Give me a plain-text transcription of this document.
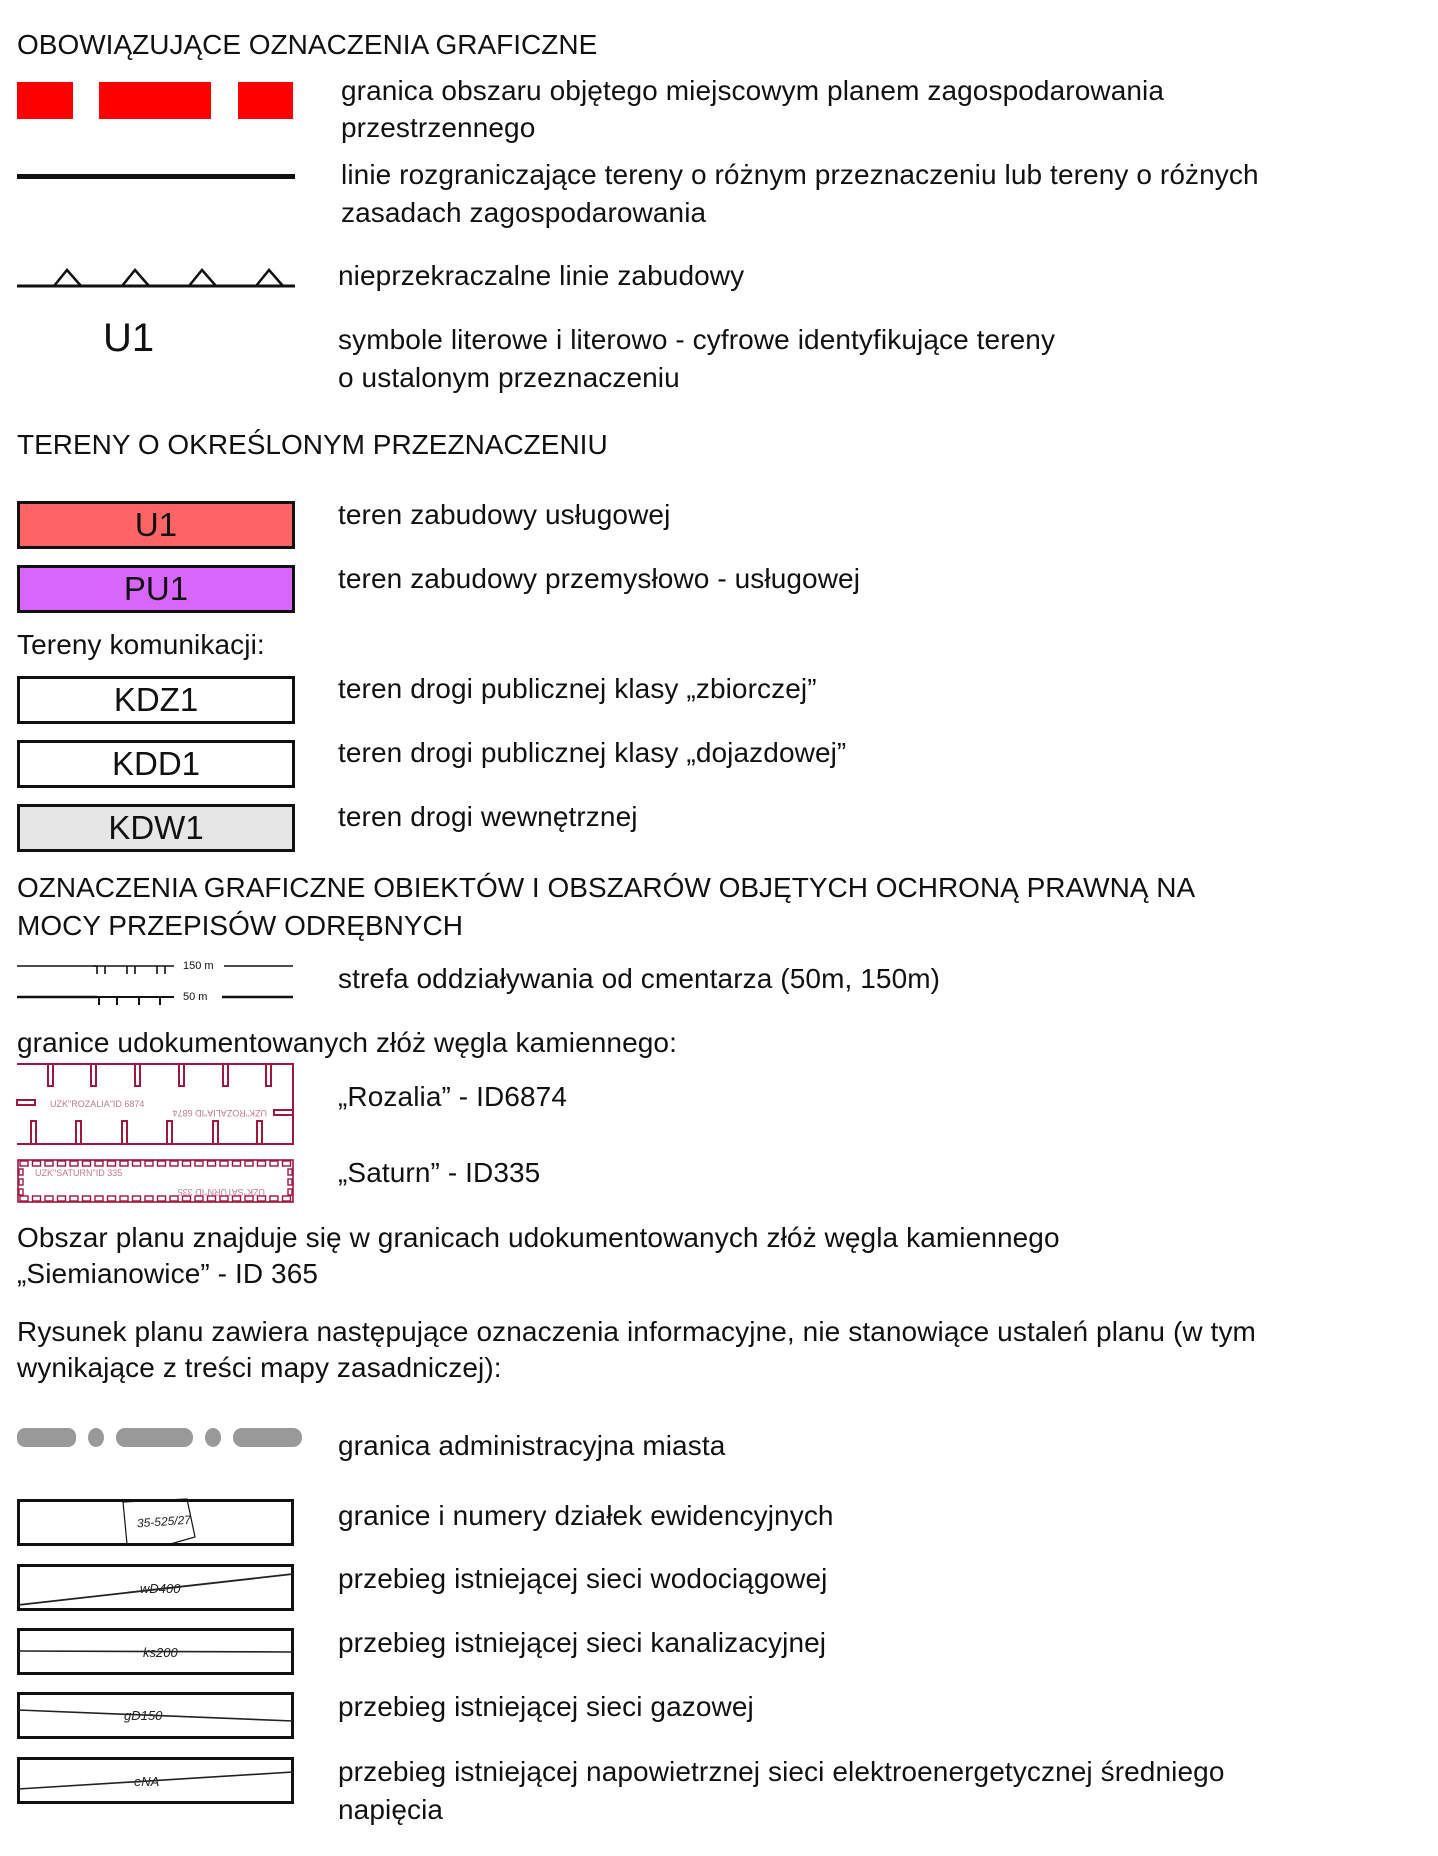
OBOWIĄZUJĄCE OZNACZENIA GRAFICZNE
granica obszaru objętego miejscowym planem zagospodarowania
przestrzennego
linie rozgraniczające tereny o różnym przeznaczeniu lub tereny o różnych
zasadach zagospodarowania
nieprzekraczalne linie zabudowy
U1	symbole literowe i literowo - cyfrowe identyfikujące tereny
o ustalonym przeznaczeniu
TERENY O OKREŚLONYM PRZEZNACZENIU
U1	teren zabudowy usługowej
PU1	teren zabudowy przemysłowo - usługowej
Tereny komunikacji:
KDZ1	teren drogi publicznej klasy „zbiorczej”
KDD1	teren drogi publicznej klasy „dojazdowej”
KDW1	teren drogi wewnętrznej
OZNACZENIA GRAFICZNE OBIEKTÓW I OBSZARÓW OBJĘTYCH OCHRONĄ PRAWNĄ NA
MOCY PRZEPISÓW ODRĘBNYCH
150 m
50 m
strefa oddziaływania od cmentarza (50m, 150m)
granice udokumentowanych złóż węgla kamiennego:
UZK"ROZALIA"ID 6874
UZK"ROZALIA"ID 6874
„Rozalia” - ID6874
UZK"SATURN"ID 335
UZK"SATURN"ID 335
„Saturn” - ID335
Obszar planu znajduje się w granicach udokumentowanych złóż węgla kamiennego
„Siemianowice” - ID 365
Rysunek planu zawiera następujące oznaczenia informacyjne, nie stanowiące ustaleń planu (w tym
wynikające z treści mapy zasadniczej):
granica administracyjna miasta
35-525/27	granice i numery działek ewidencyjnych
wD400	przebieg istniejącej sieci wodociągowej
ks200	przebieg istniejącej sieci kanalizacyjnej
gD150	przebieg istniejącej sieci gazowej
eNA	przebieg istniejącej napowietrznej sieci elektroenergetycznej średniego
napięcia
